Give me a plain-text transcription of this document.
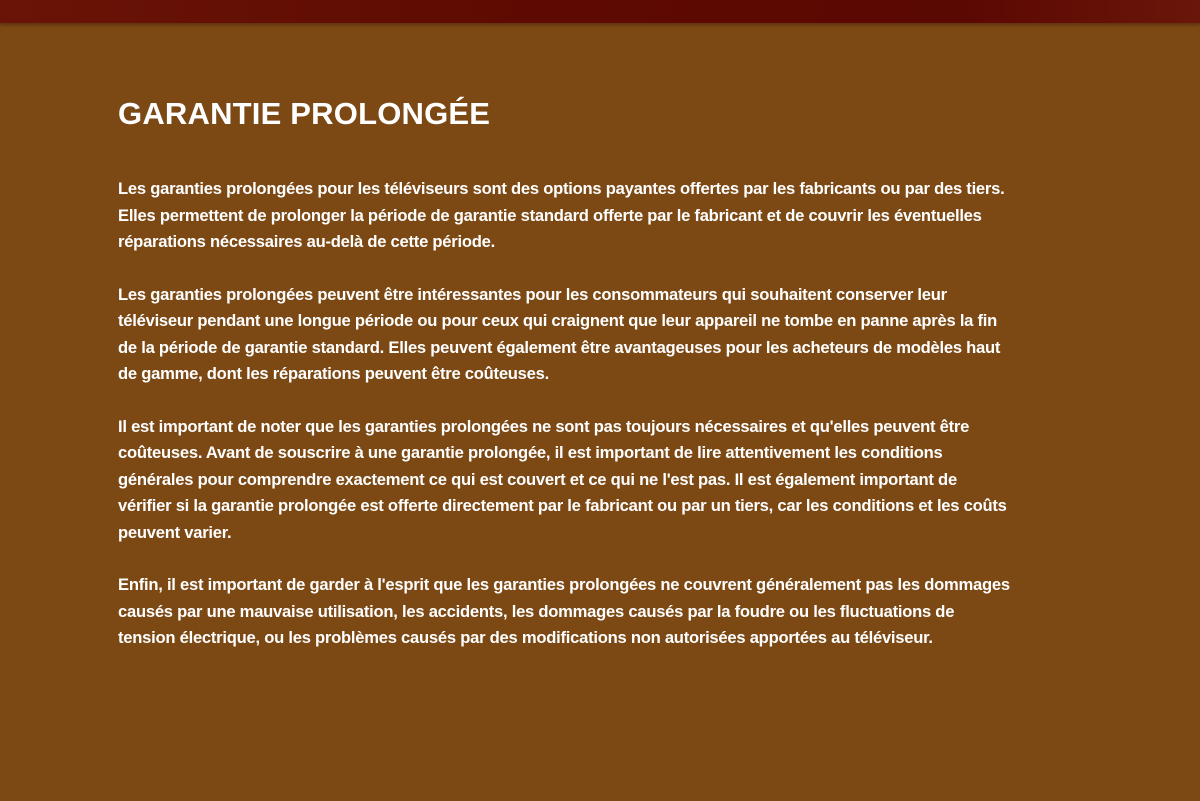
GARANTIE PROLONGÉE

Les garanties prolongées pour les téléviseurs sont des options payantes offertes par les fabricants ou par des tiers. Elles permettent de prolonger la période de garantie standard offerte par le fabricant et de couvrir les éventuelles réparations nécessaires au-delà de cette période.

Les garanties prolongées peuvent être intéressantes pour les consommateurs qui souhaitent conserver leur téléviseur pendant une longue période ou pour ceux qui craignent que leur appareil ne tombe en panne après la fin de la période de garantie standard. Elles peuvent également être avantageuses pour les acheteurs de modèles haut de gamme, dont les réparations peuvent être coûteuses.

Il est important de noter que les garanties prolongées ne sont pas toujours nécessaires et qu'elles peuvent être coûteuses. Avant de souscrire à une garantie prolongée, il est important de lire attentivement les conditions générales pour comprendre exactement ce qui est couvert et ce qui ne l'est pas. Il est également important de vérifier si la garantie prolongée est offerte directement par le fabricant ou par un tiers, car les conditions et les coûts peuvent varier.

Enfin, il est important de garder à l'esprit que les garanties prolongées ne couvrent généralement pas les dommages causés par une mauvaise utilisation, les accidents, les dommages causés par la foudre ou les fluctuations de tension électrique, ou les problèmes causés par des modifications non autorisées apportées au téléviseur.
